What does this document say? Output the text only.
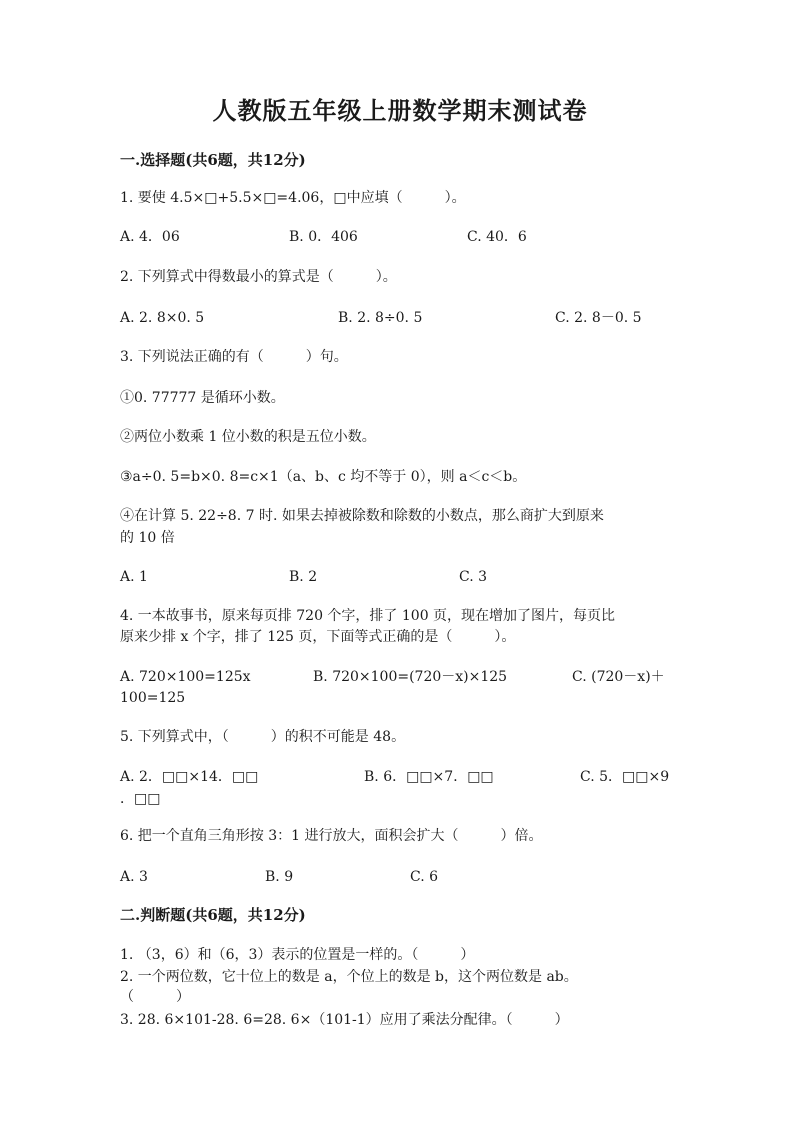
人教版五年级上册数学期末测试卷
一.选择题(共6题，共12分)
1. 要使 4.5×□+5.5×□=4.06，□中应填（　　　）。
A. 4．06	B. 0．406	C. 40．6
2. 下列算式中得数最小的算式是（　　　）。
A. 2. 8×0. 5	B. 2. 8÷0. 5	C. 2. 8－0. 5
3. 下列说法正确的有（　　　）句。
①0. 77777 是循环小数。
②两位小数乘 1 位小数的积是五位小数。
③a÷0. 5=b×0. 8=c×1（a、b、c 均不等于 0），则 a＜c＜b。
④在计算 5. 22÷8. 7 时. 如果去掉被除数和除数的小数点，那么商扩大到原来
的 10 倍
A. 1	B. 2	C. 3
4. 一本故事书，原来每页排 720 个字，排了 100 页，现在增加了图片，每页比
原来少排 x 个字，排了 125 页，下面等式正确的是（　　　）。
A. 720×100=125x	B. 720×100=(720－x)×125	C. (720－x)＋
100=125
5. 下列算式中，（　　　）的积不可能是 48。
A. 2．□□×14．□□	B. 6．□□×7．□□	C. 5．□□×9
．□□
6. 把一个直角三角形按 3：1 进行放大，面积会扩大（　　　）倍。
A. 3	B. 9	C. 6
二.判断题(共6题，共12分)
1. （3，6）和（6，3）表示的位置是一样的。（　　　）
2. 一个两位数，它十位上的数是 a，个位上的数是 b，这个两位数是 ab。
（　　　）
3. 28. 6×101-28. 6=28. 6×（101-1）应用了乘法分配律。（　　　）
